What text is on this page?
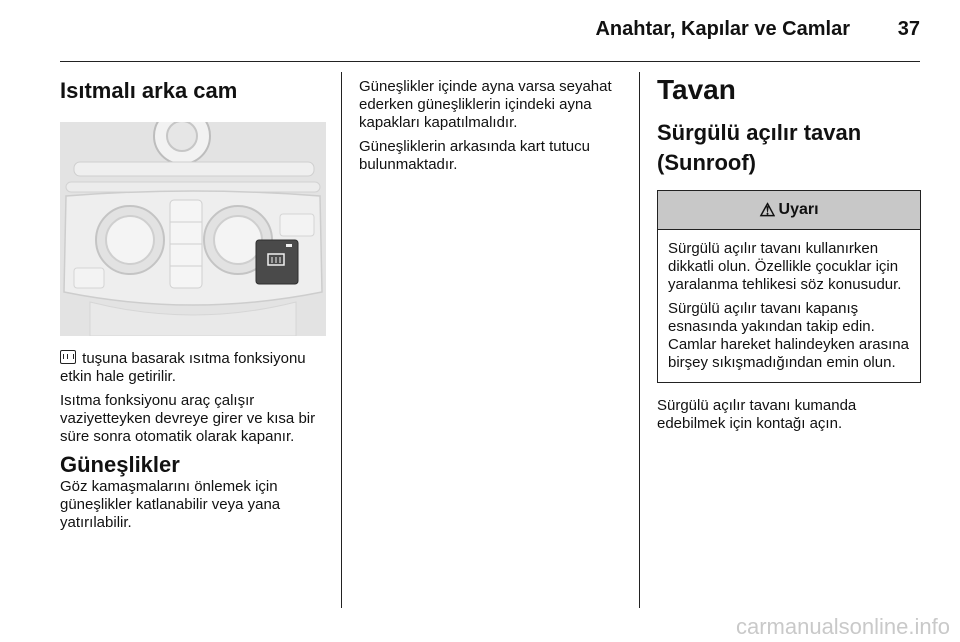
Anahtar, Kapılar ve Camlar	37
Isıtmalı arka cam

tuşuna basarak ısıtma fonksiyonu etkin hale getirilir.

Isıtma fonksiyonu araç çalışır vaziyetteyken devreye girer ve kısa bir süre sonra otomatik olarak kapanır.

Güneşlikler

Göz kamaşmalarını önlemek için güneşlikler katlanabilir veya yana yatırılabilir.

Güneşlikler içinde ayna varsa seyahat ederken güneşliklerin içindeki ayna kapakları kapatılmalıdır.

Güneşliklerin arkasında kart tutucu bulunmaktadır.

Tavan
Sürgülü açılır tavan (Sunroof)
⚠ Uyarı

Sürgülü açılır tavanı kullanırken dikkatli olun. Özellikle çocuklar için yaralanma tehlikesi söz konusudur.

Sürgülü açılır tavanı kapanış esnasında yakından takip edin. Camlar hareket halindeyken arasına birşey sıkışmadığından emin olun.

Sürgülü açılır tavanı kumanda edebilmek için kontağı açın.

carmanualsonline.info
